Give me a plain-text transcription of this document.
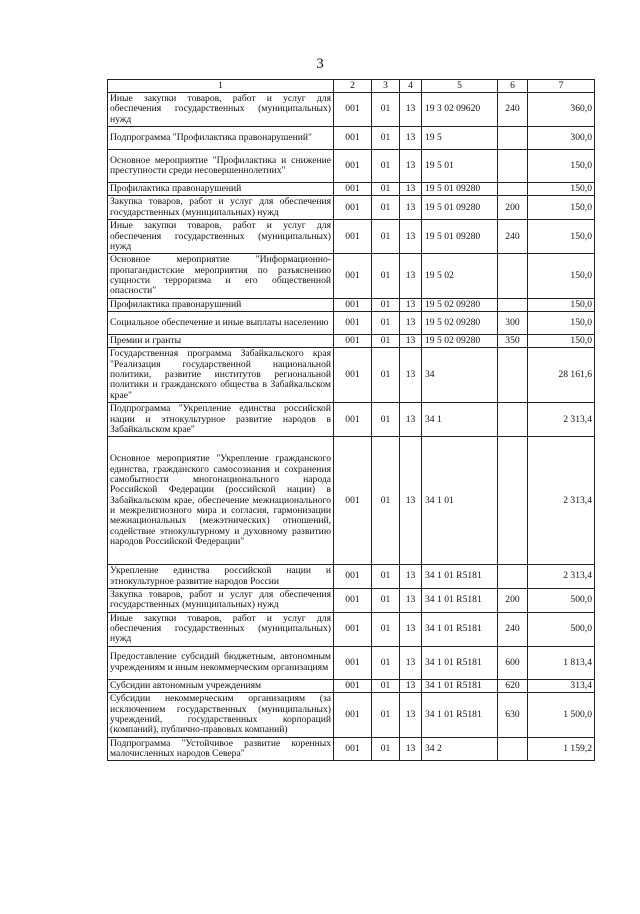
3
1	2	3	4	5	6	7
Иные закупки товаров, работ и услуг для обеспечения государственных (муниципальных) нужд	001	01	13	19 3 02 09620	240	360,0
Подпрограмма "Профилактика правонарушений"	001	01	13	19 5		300,0
Основное мероприятие "Профилактика и снижение преступности среди несовершеннолетних"	001	01	13	19 5 01		150,0
Профилактика правонарушений	001	01	13	19 5 01 09280		150,0
Закупка товаров, работ и услуг для обеспечения государственных (муниципальных) нужд	001	01	13	19 5 01 09280	200	150,0
Иные закупки товаров, работ и услуг для обеспечения государственных (муниципальных) нужд	001	01	13	19 5 01 09280	240	150,0
Основное мероприятие "Информационно-пропагандистские мероприятия по разъяснению сущности терроризма и его общественной опасности"	001	01	13	19 5 02		150,0
Профилактика правонарушений	001	01	13	19 5 02 09280		150,0
Социальное обеспечение и иные выплаты населению	001	01	13	19 5 02 09280	300	150,0
Премии и гранты	001	01	13	19 5 02 09280	350	150,0
Государственная программа Забайкальского края "Реализация государственной национальной политики, развитие институтов региональной политики и гражданского общества в Забайкальском крае"	001	01	13	34		28 161,6
Подпрограмма "Укрепление единства российской нации и этнокультурное развитие народов в Забайкальском крае"	001	01	13	34 1		2 313,4
Основное мероприятие "Укрепление гражданского единства, гражданского самосознания и сохранения самобытности многонационального народа Российской Федерации (российской нации) в Забайкальском крае, обеспечение межнационального и межрелигиозного мира и согласия, гармонизации межнациональных (межэтнических) отношений, содействие этнокультурному и духовному развитию народов Российской Федерации"	001	01	13	34 1 01		2 313,4
Укрепление единства российской нации и этнокультурное развитие народов России	001	01	13	34 1 01 R5181		2 313,4
Закупка товаров, работ и услуг для обеспечения государственных (муниципальных) нужд	001	01	13	34 1 01 R5181	200	500,0
Иные закупки товаров, работ и услуг для обеспечения государственных (муниципальных) нужд	001	01	13	34 1 01 R5181	240	500,0
Предоставление субсидий бюджетным, автономным учреждениям и иным некоммерческим организациям	001	01	13	34 1 01 R5181	600	1 813,4
Субсидии автономным учреждениям	001	01	13	34 1 01 R5181	620	313,4
Субсидии некоммерческим организациям (за исключением государственных (муниципальных) учреждений, государственных корпораций (компаний), публично-правовых компаний)	001	01	13	34 1 01 R5181	630	1 500,0
Подпрограмма "Устойчивое развитие коренных малочисленных народов Севера"	001	01	13	34 2		1 159,2
